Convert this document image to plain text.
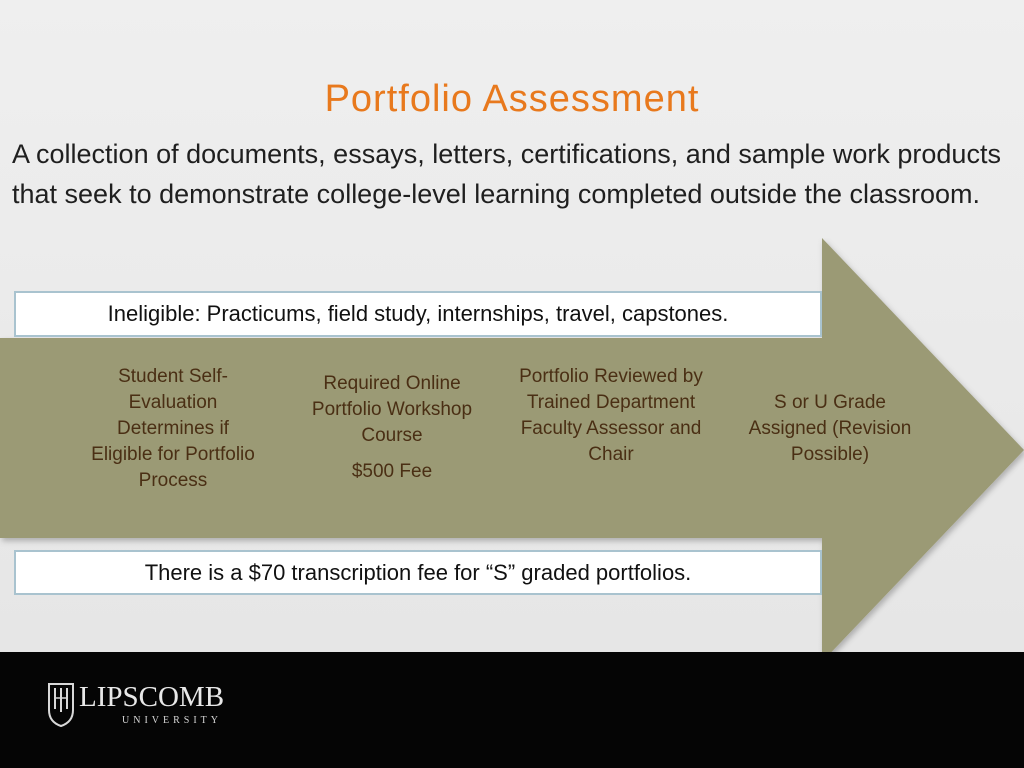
Portfolio Assessment
A collection of documents, essays, letters, certifications, and sample work products that seek to demonstrate college-level learning completed outside the classroom.

Student Self-Evaluation Determines if Eligible for Portfolio Process

Required Online Portfolio Workshop Course

$500 Fee

Portfolio Reviewed by Trained Department Faculty Assessor and Chair

S or U Grade Assigned (Revision Possible)

Ineligible: Practicums, field study, internships, travel, capstones.
There is a $70 transcription fee for “S” graded portfolios.
LIPSCOMB
UNIVERSITY
